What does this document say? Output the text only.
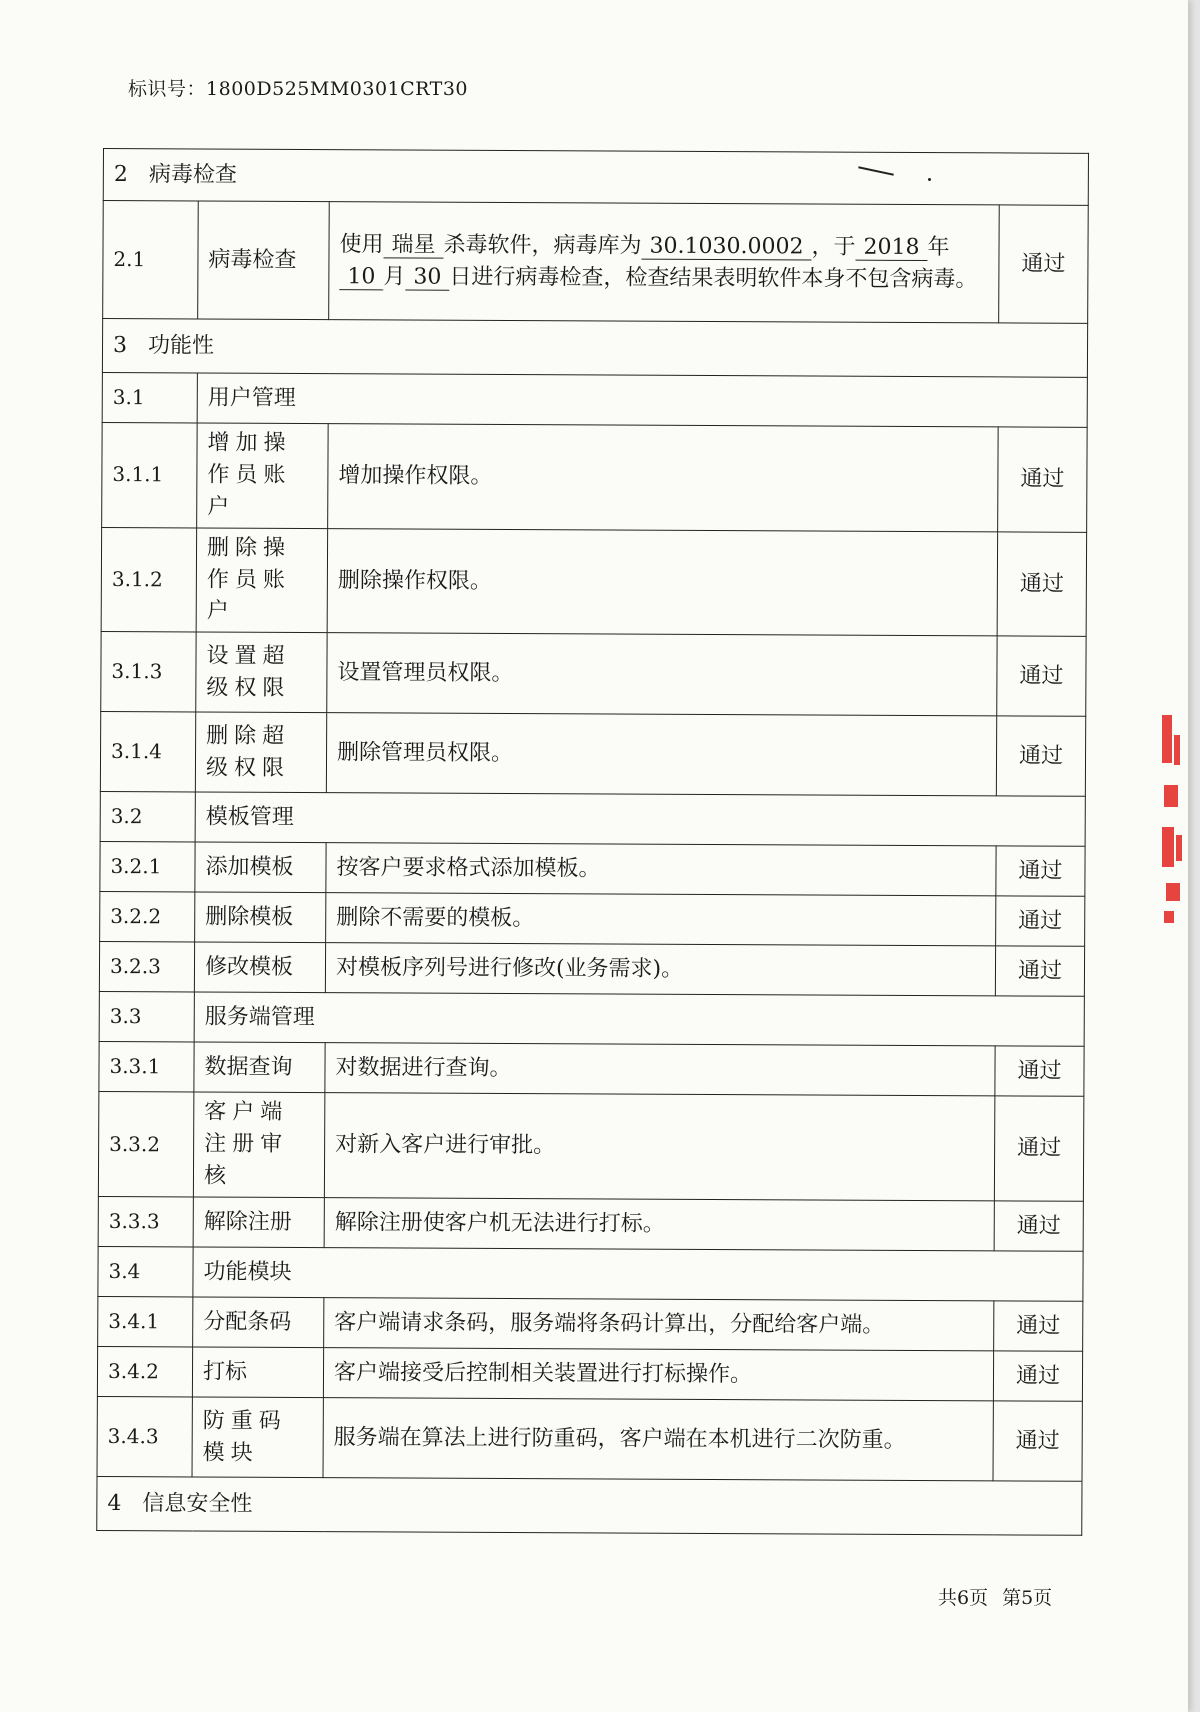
标识号：1800D525MM0301CRT30
2 病毒检查			
2.1	病毒检查	使用 瑞星 杀毒软件，病毒库为 30.1030.0002 ，于 2018 年10 月 30 日进行病毒检查，检查结果表明软件本身不包含病毒。	通过
3 功能性			
3.1	用户管理		
3.1.1	增加操作员账户	增加操作权限。	通过
3.1.2	删除操作员账户	删除操作权限。	通过
3.1.3	设置超级权限	设置管理员权限。	通过
3.1.4	删除超级权限	删除管理员权限。	通过
3.2	模板管理		
3.2.1	添加模板	按客户要求格式添加模板。	通过
3.2.2	删除模板	删除不需要的模板。	通过
3.2.3	修改模板	对模板序列号进行修改(业务需求)。	通过
3.3	服务端管理		
3.3.1	数据查询	对数据进行查询。	通过
3.3.2	客户端注册审核	对新入客户进行审批。	通过
3.3.3	解除注册	解除注册使客户机无法进行打标。	通过
3.4	功能模块		
3.4.1	分配条码	客户端请求条码，服务端将条码计算出，分配给客户端。	通过
3.4.2	打标	客户端接受后控制相关装置进行打标操作。	通过
3.4.3	防重码模块	服务端在算法上进行防重码，客户端在本机进行二次防重。	通过
4 信息安全性			
共6页 第5页
